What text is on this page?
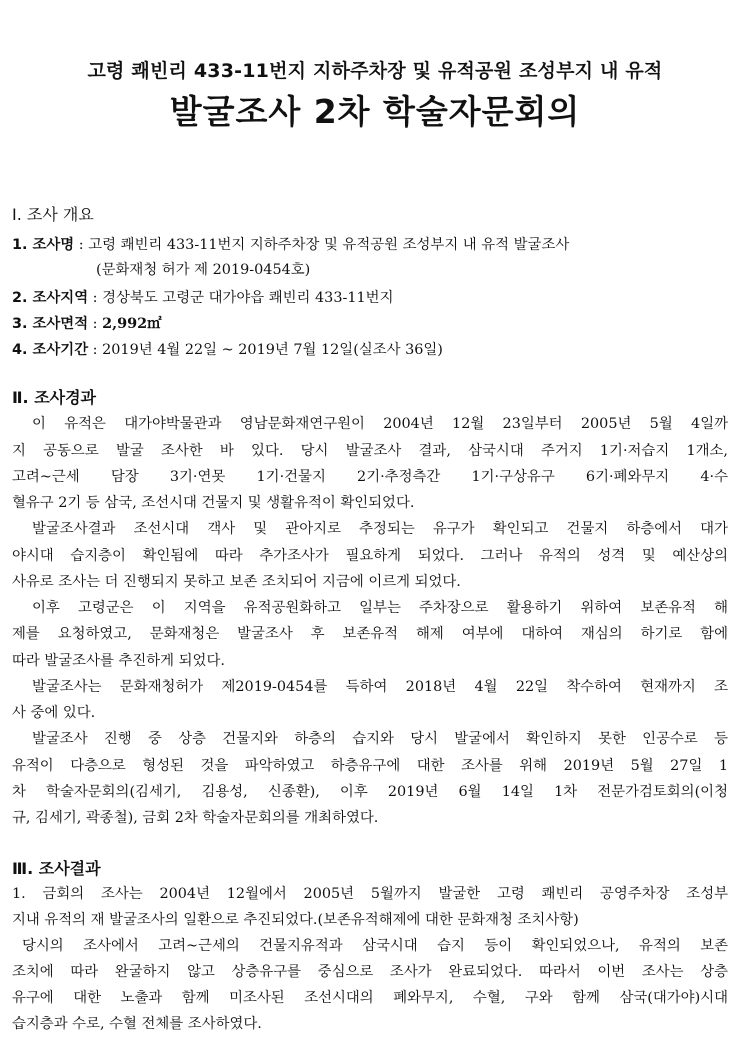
고령 쾌빈리 433-11번지 지하주차장 및 유적공원 조성부지 내 유적
발굴조사 2차 학술자문회의
Ⅰ. 조사 개요
1. 조사명 : 고령 쾌빈리 433-11번지 지하주차장 및 유적공원 조성부지 내 유적 발굴조사
(문화재청 허가 제 2019-0454호)
2. 조사지역 : 경상북도 고령군 대가야읍 쾌빈리 433-11번지
3. 조사면적 : 2,992㎡
4. 조사기간 : 2019년 4월 22일 ~ 2019년 7월 12일(실조사 36일)
Ⅱ. 조사경과
이 유적은 대가야박물관과 영남문화재연구원이 2004년 12월 23일부터 2005년 5월 4일까
지 공동으로 발굴 조사한 바 있다. 당시 발굴조사 결과, 삼국시대 주거지 1기·저습지 1개소,
고려~근세 담장 3기·연못 1기·건물지 2기·추정측간 1기·구상유구 6기·폐와무지 4·수
혈유구 2기 등 삼국, 조선시대 건물지 및 생활유적이 확인되었다.
발굴조사결과 조선시대 객사 및 관아지로 추정되는 유구가 확인되고 건물지 하층에서 대가
야시대 습지층이 확인됨에 따라 추가조사가 필요하게 되었다. 그러나 유적의 성격 및 예산상의
사유로 조사는 더 진행되지 못하고 보존 조치되어 지금에 이르게 되었다.
이후 고령군은 이 지역을 유적공원화하고 일부는 주차장으로 활용하기 위하여 보존유적 해
제를 요청하였고, 문화재청은 발굴조사 후 보존유적 해제 여부에 대하여 재심의 하기로 함에
따라 발굴조사를 추진하게 되었다.
발굴조사는 문화재청허가 제2019-0454를 득하여 2018년 4월 22일 착수하여 현재까지 조
사 중에 있다.
발굴조사 진행 중 상층 건물지와 하층의 습지와 당시 발굴에서 확인하지 못한 인공수로 등
유적이 다층으로 형성된 것을 파악하였고 하층유구에 대한 조사를 위해 2019년 5월 27일 1
차 학술자문회의(김세기, 김용성, 신종환), 이후 2019년 6월 14일 1차 전문가검토회의(이청
규, 김세기, 곽종철), 금회 2차 학술자문회의를 개최하였다.
Ⅲ. 조사결과
1. 금회의 조사는 2004년 12월에서 2005년 5월까지 발굴한 고령 쾌빈리 공영주차장 조성부
지내 유적의 재 발굴조사의 일환으로 추진되었다.(보존유적해제에 대한 문화재청 조치사항)
당시의 조사에서 고려~근세의 건물지유적과 삼국시대 습지 등이 확인되었으나, 유적의 보존
조치에 따라 완굴하지 않고 상층유구를 중심으로 조사가 완료되었다. 따라서 이번 조사는 상층
유구에 대한 노출과 함께 미조사된 조선시대의 폐와무지, 수혈, 구와 함께 삼국(대가야)시대
습지층과 수로, 수혈 전체를 조사하였다.
